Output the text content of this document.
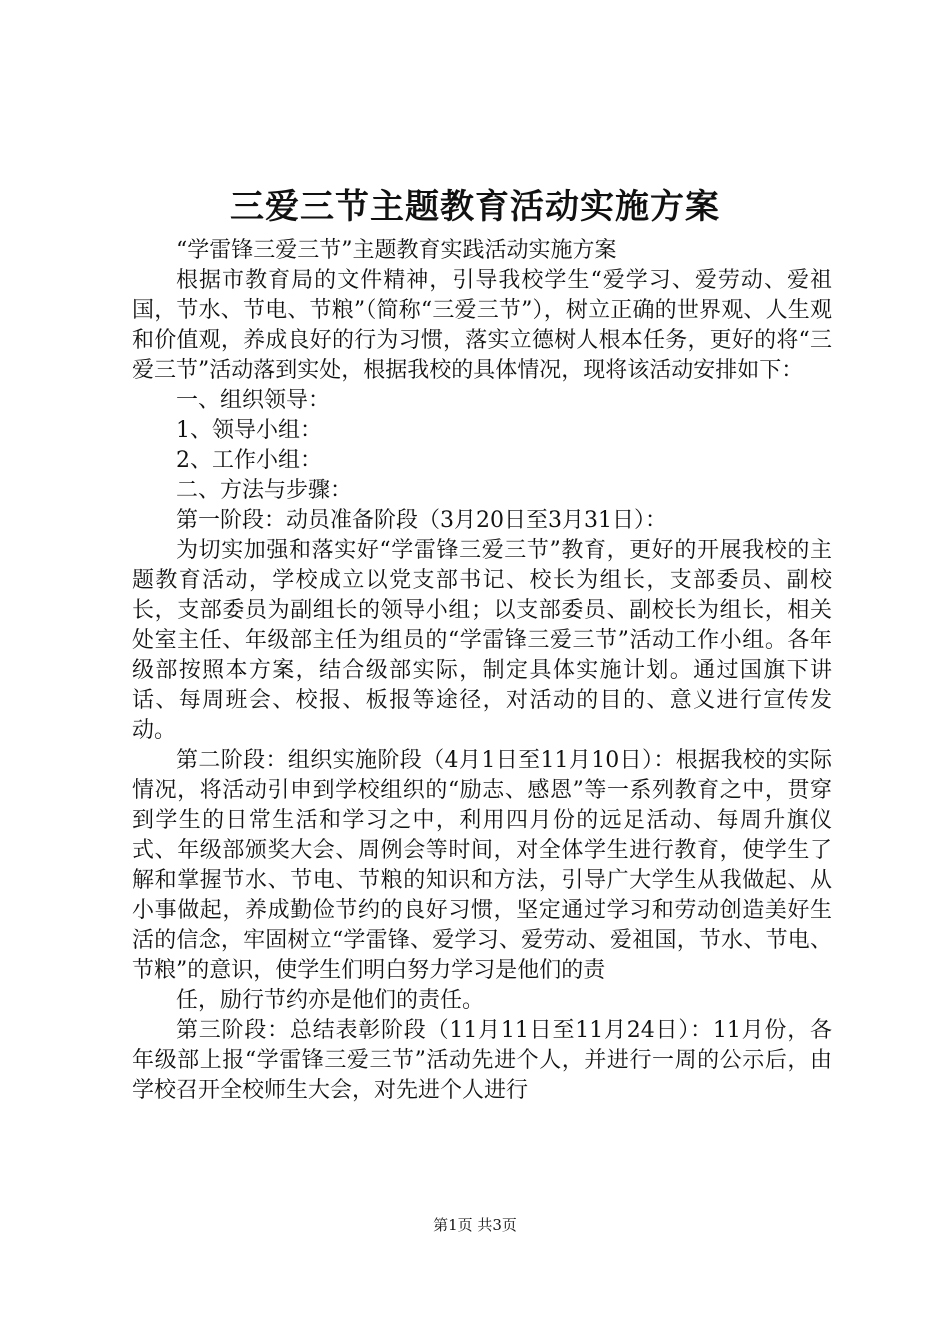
三爱三节主题教育活动实施方案

“学雷锋三爱三节”主题教育实践活动实施方案

根据市教育局的文件精神，引导我校学生“爱学习、爱劳动、爱祖国，节水、节电、节粮”（简称“三爱三节”），树立正确的世界观、人生观和价值观，养成良好的行为习惯，落实立德树人根本任务，更好的将“三爱三节”活动落到实处，根据我校的具体情况，现将该活动安排如下：

一、组织领导：

1、领导小组：

2、工作小组：

二、方法与步骤：

第一阶段：动员准备阶段（3月20日至3月31日）：

为切实加强和落实好“学雷锋三爱三节”教育，更好的开展我校的主题教育活动，学校成立以党支部书记、校长为组长，支部委员、副校长，支部委员为副组长的领导小组；以支部委员、副校长为组长，相关处室主任、年级部主任为组员的“学雷锋三爱三节”活动工作小组。各年级部按照本方案，结合级部实际，制定具体实施计划。通过国旗下讲话、每周班会、校报、板报等途径，对活动的目的、意义进行宣传发动。

第二阶段：组织实施阶段（4月1日至11月10日）：根据我校的实际情况，将活动引申到学校组织的“励志、感恩”等一系列教育之中，贯穿到学生的日常生活和学习之中，利用四月份的远足活动、每周升旗仪式、年级部颁奖大会、周例会等时间，对全体学生进行教育，使学生了解和掌握节水、节电、节粮的知识和方法，引导广大学生从我做起、从小事做起，养成勤俭节约的良好习惯，坚定通过学习和劳动创造美好生活的信念，牢固树立“学雷锋、爱学习、爱劳动、爱祖国，节水、节电、节粮”的意识，使学生们明白努力学习是他们的责

任，励行节约亦是他们的责任。

第三阶段：总结表彰阶段（11月11日至11月24日）：11月份，各年级部上报“学雷锋三爱三节”活动先进个人，并进行一周的公示后，由学校召开全校师生大会，对先进个人进行

第1页 共3页
